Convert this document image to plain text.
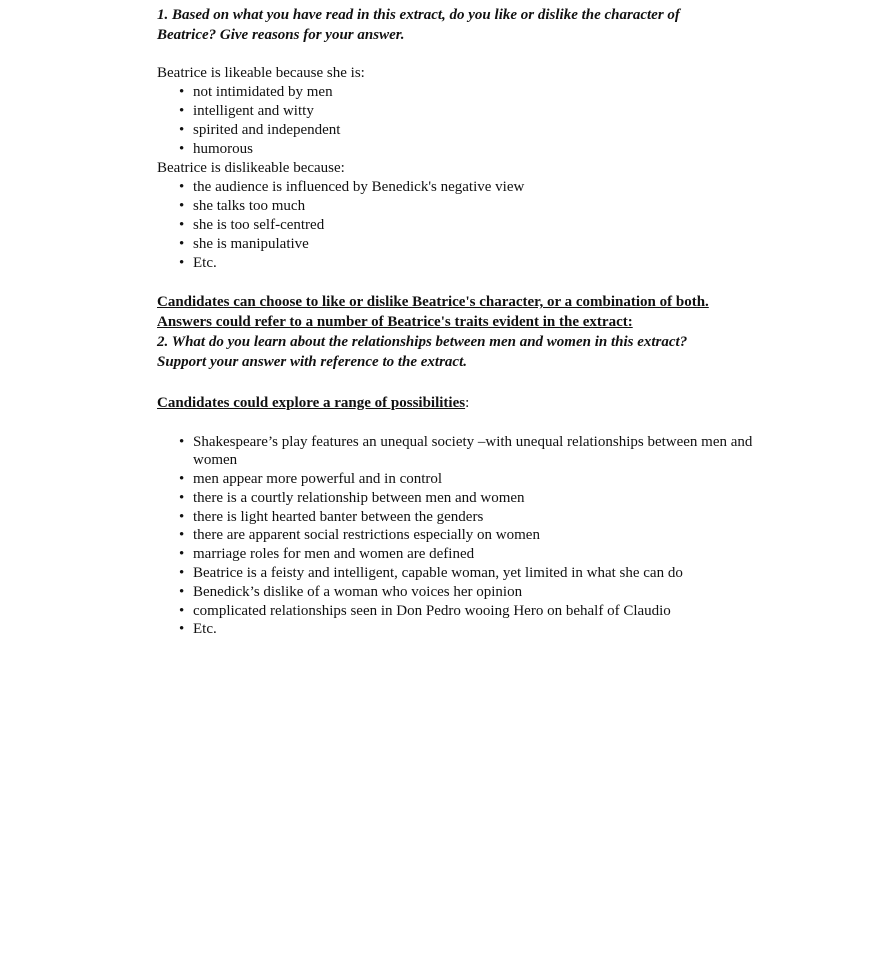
1. Based on what you have read in this extract, do you like or dislike the character of
Beatrice? Give reasons for your answer.

Beatrice is likeable because she is:

• not intimidated by men
• intelligent and witty
• spirited and independent
• humorous

Beatrice is dislikeable because:

• the audience is influenced by Benedick's negative view
• she talks too much
• she is too self-centred
• she is manipulative
• Etc.

Candidates can choose to like or dislike Beatrice's character, or a combination of both.
Answers could refer to a number of Beatrice's traits evident in the extract:

2. What do you learn about the relationships between men and women in this extract?
Support your answer with reference to the extract.

Candidates could explore a range of possibilities:

• Shakespeare’s play features an unequal society –with unequal relationships between men and women
• men appear more powerful and in control
• there is a courtly relationship between men and women
• there is light hearted banter between the genders
• there are apparent social restrictions especially on women
• marriage roles for men and women are defined
• Beatrice is a feisty and intelligent, capable woman, yet limited in what she can do
• Benedick’s dislike of a woman who voices her opinion
• complicated relationships seen in Don Pedro wooing Hero on behalf of Claudio
• Etc.
